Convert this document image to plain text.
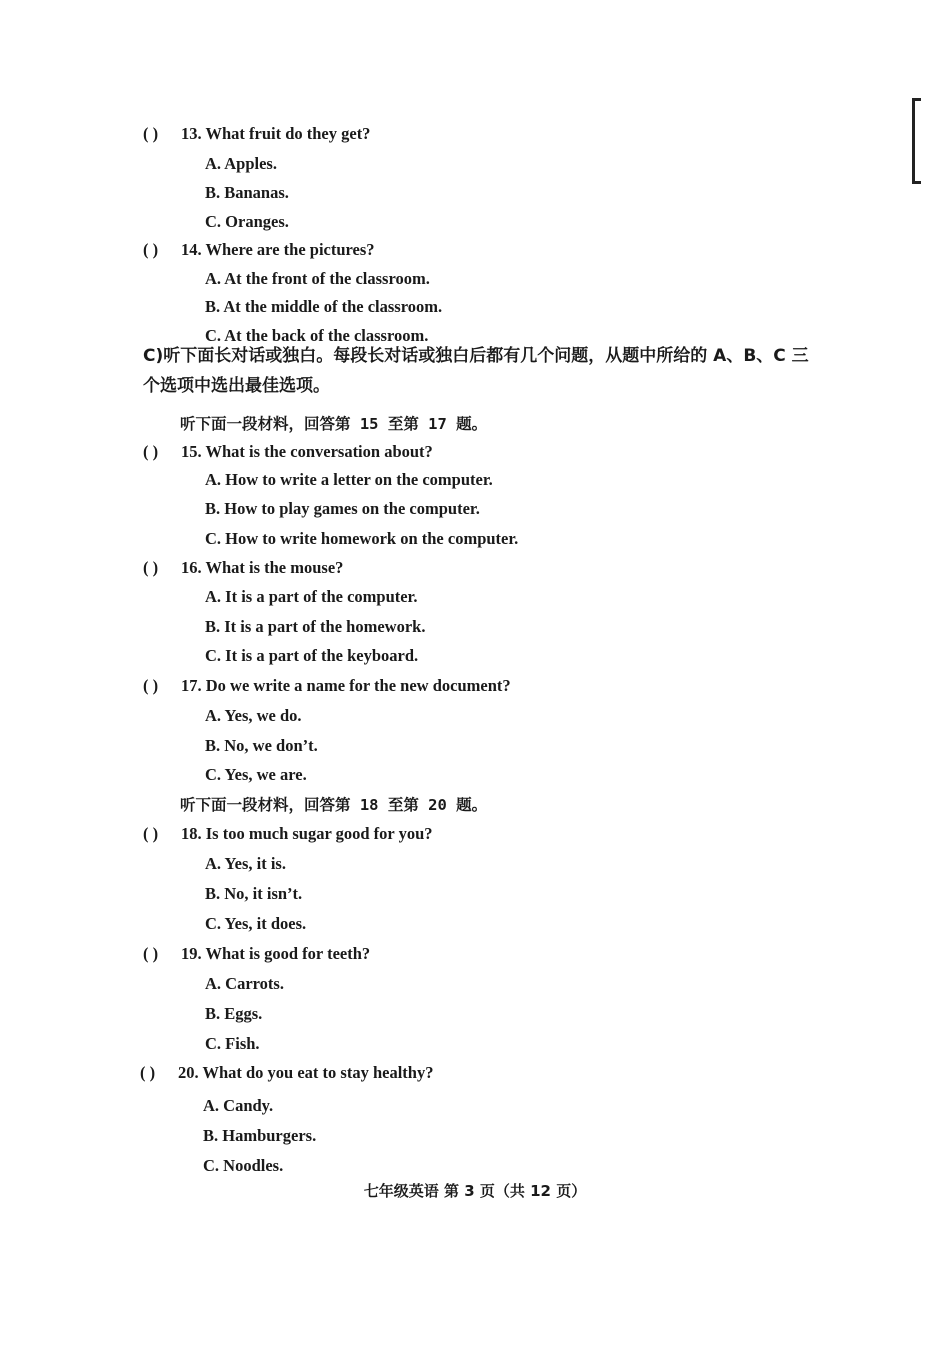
( ) 13. What fruit do they get?
A. Apples.
B. Bananas.
C. Oranges.
( ) 14. Where are the pictures?
A. At the front of the classroom.
B. At the middle of the classroom.
C. At the back of the classroom.
C)听下面长对话或独白。每段长对话或独白后都有几个问题，从题中所给的 A、B、C 三
个选项中选出最佳选项。
听下面一段材料，回答第 15 至第 17 题。
( ) 15. What is the conversation about?
A. How to write a letter on the computer.
B. How to play games on the computer.
C. How to write homework on the computer.
( ) 16. What is the mouse?
A. It is a part of the computer.
B. It is a part of the homework.
C. It is a part of the keyboard.
( ) 17. Do we write a name for the new document?
A. Yes, we do.
B. No, we don’t.
C. Yes, we are.
听下面一段材料，回答第 18 至第 20 题。
( ) 18. Is too much sugar good for you?
A. Yes, it is.
B. No, it isn’t.
C. Yes, it does.
( ) 19. What is good for teeth?
A. Carrots.
B. Eggs.
C. Fish.
( ) 20. What do you eat to stay healthy?
A. Candy.
B. Hamburgers.
C. Noodles.
七年级英语 第 3 页（共 12 页）
